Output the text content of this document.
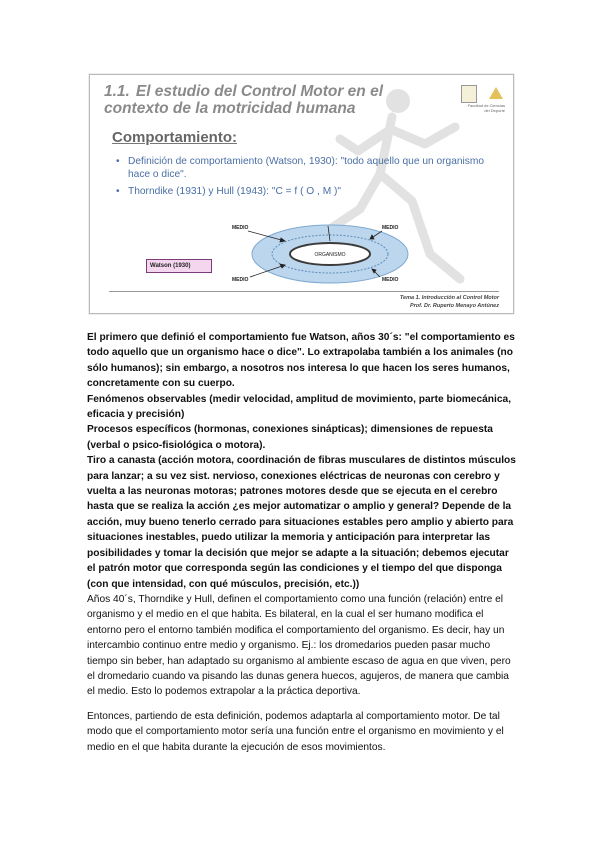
1.1. El estudio del Control Motor en el contexto de la motricidad humana	Facultad de Ciencias del Deporte
Comportamiento:
• Definición de comportamiento (Watson, 1930): "todo aquello que un organismo hace o dice".
• Thorndike (1931) y Hull (1943): "C = f ( O , M )"
ORGANISMO
MEDIO	MEDIO
MEDIO	MEDIO
Watson (1930)
Tema 1. Introducción al Control Motor
Prof. Dr. Ruperto Menayo Antúnez

El primero que definió el comportamiento fue Watson, años 30´s: "el comportamiento es todo aquello que un organismo hace o dice". Lo extrapolaba también a los animales (no sólo humanos); sin embargo, a nosotros nos interesa lo que hacen los seres humanos, concretamente con su cuerpo.

Fenómenos observables (medir velocidad, amplitud de movimiento, parte biomecánica, eficacia y precisión)

Procesos específicos (hormonas, conexiones sinápticas); dimensiones de repuesta (verbal o psico-fisiológica o motora).

Tiro a canasta (acción motora, coordinación de fibras musculares de distintos músculos para lanzar; a su vez sist. nervioso, conexiones eléctricas de neuronas con cerebro y vuelta a las neuronas motoras; patrones motores desde que se ejecuta en el cerebro hasta que se realiza la acción ¿es mejor automatizar o amplio y general? Depende de la acción, muy bueno tenerlo cerrado para situaciones estables pero amplio y abierto para situaciones inestables, puedo utilizar la memoria y anticipación para interpretar las posibilidades y tomar la decisión que mejor se adapte a la situación; debemos ejecutar el patrón motor que corresponda según las condiciones y el tiempo del que disponga (con que intensidad, con qué músculos, precisión, etc.))

Años 40´s, Thorndike y Hull, definen el comportamiento como una función (relación) entre el organismo y el medio en el que habita. Es bilateral, en la cual el ser humano modifica el entorno pero el entorno también modifica el comportamiento del organismo. Es decir, hay un intercambio continuo entre medio y organismo. Ej.: los dromedarios pueden pasar mucho tiempo sin beber, han adaptado su organismo al ambiente escaso de agua en que viven, pero el dromedario cuando va pisando las dunas genera huecos, agujeros, de manera que cambia el medio. Esto lo podemos extrapolar a la práctica deportiva.

Entonces, partiendo de esta definición, podemos adaptarla al comportamiento motor. De tal modo que el comportamiento motor sería una función entre el organismo en movimiento y el medio en el que habita durante la ejecución de esos movimientos.
